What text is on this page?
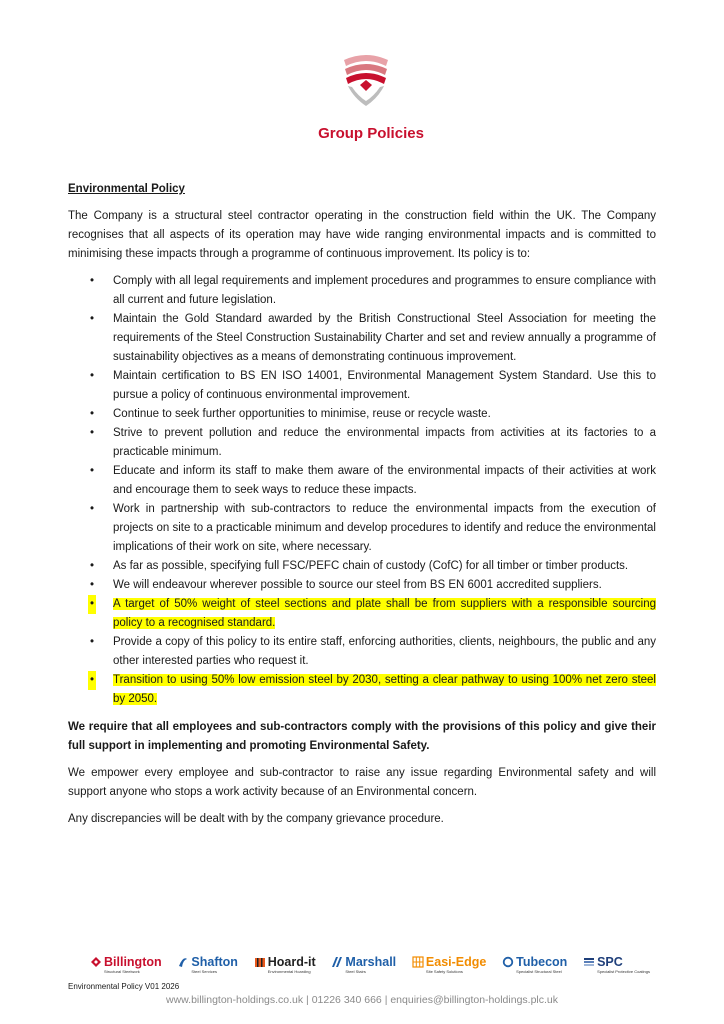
Group Policies
Environmental Policy
The Company is a structural steel contractor operating in the construction field within the UK. The Company recognises that all aspects of its operation may have wide ranging environmental impacts and is committed to minimising these impacts through a programme of continuous improvement. Its policy is to:
• Comply with all legal requirements and implement procedures and programmes to ensure compliance with all current and future legislation.
• Maintain the Gold Standard awarded by the British Constructional Steel Association for meeting the requirements of the Steel Construction Sustainability Charter and set and review annually a programme of sustainability objectives as a means of demonstrating continuous improvement.
• Maintain certification to BS EN ISO 14001, Environmental Management System Standard. Use this to pursue a policy of continuous environmental improvement.
• Continue to seek further opportunities to minimise, reuse or recycle waste.
• Strive to prevent pollution and reduce the environmental impacts from activities at its factories to a practicable minimum.
• Educate and inform its staff to make them aware of the environmental impacts of their activities at work and encourage them to seek ways to reduce these impacts.
• Work in partnership with sub-contractors to reduce the environmental impacts from the execution of projects on site to a practicable minimum and develop procedures to identify and reduce the environmental implications of their work on site, where necessary.
• As far as possible, specifying full FSC/PEFC chain of custody (CofC) for all timber or timber products.
• We will endeavour wherever possible to source our steel from BS EN 6001 accredited suppliers.
• A target of 50% weight of steel sections and plate shall be from suppliers with a responsible sourcing policy to a recognised standard.
• Provide a copy of this policy to its entire staff, enforcing authorities, clients, neighbours, the public and any other interested parties who request it.
• Transition to using 50% low emission steel by 2030, setting a clear pathway to using 100% net zero steel by 2050.
We require that all employees and sub-contractors comply with the provisions of this policy and give their full support in implementing and promoting Environmental Safety.
We empower every employee and sub-contractor to raise any issue regarding Environmental safety and will support anyone who stops a work activity because of an Environmental concern.
Any discrepancies will be dealt with by the company grievance procedure.
Billington
Structural Steelwork
Shafton
Steel Services
Hoard-it
Environmental Hoarding
Marshall
Steel Stairs
Easi-Edge
Site Safety Solutions
Tubecon
Specialist Structural Steel
SPC
Specialist Protective Coatings
Environmental Policy V01 2026
www.billington-holdings.co.uk | 01226 340 666 | enquiries@billington-holdings.plc.uk
